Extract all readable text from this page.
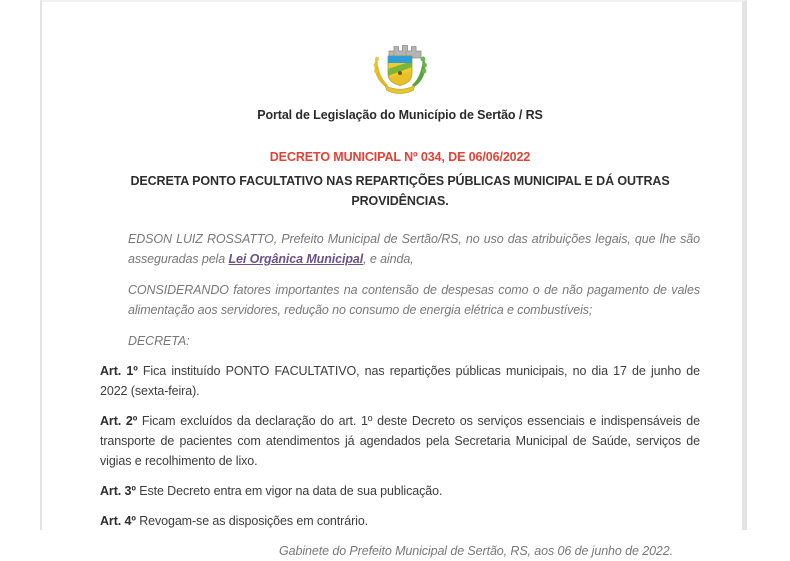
Portal de Legislação do Município de Sertão / RS

DECRETO MUNICIPAL Nº 034, DE 06/06/2022

DECRETA PONTO FACULTATIVO NAS REPARTIÇÕES PÚBLICAS MUNICIPAL E DÁ OUTRAS PROVIDÊNCIAS.

EDSON LUIZ ROSSATTO, Prefeito Municipal de Sertão/RS, no uso das atribuições legais, que lhe são asseguradas pela Lei Orgânica Municipal, e ainda,

CONSIDERANDO fatores importantes na contensão de despesas como o de não pagamento de vales alimentação aos servidores, redução no consumo de energia elétrica e combustíveis;

DECRETA:

Art. 1º Fica instituído PONTO FACULTATIVO, nas repartições públicas municipais, no dia 17 de junho de 2022 (sexta-feira).

Art. 2º Ficam excluídos da declaração do art. 1º deste Decreto os serviços essenciais e indispensáveis de transporte de pacientes com atendimentos já agendados pela Secretaria Municipal de Saúde, serviços de vigias e recolhimento de lixo.

Art. 3º Este Decreto entra em vigor na data de sua publicação.

Art. 4º Revogam-se as disposições em contrário.

Gabinete do Prefeito Municipal de Sertão, RS, aos 06 de junho de 2022.
